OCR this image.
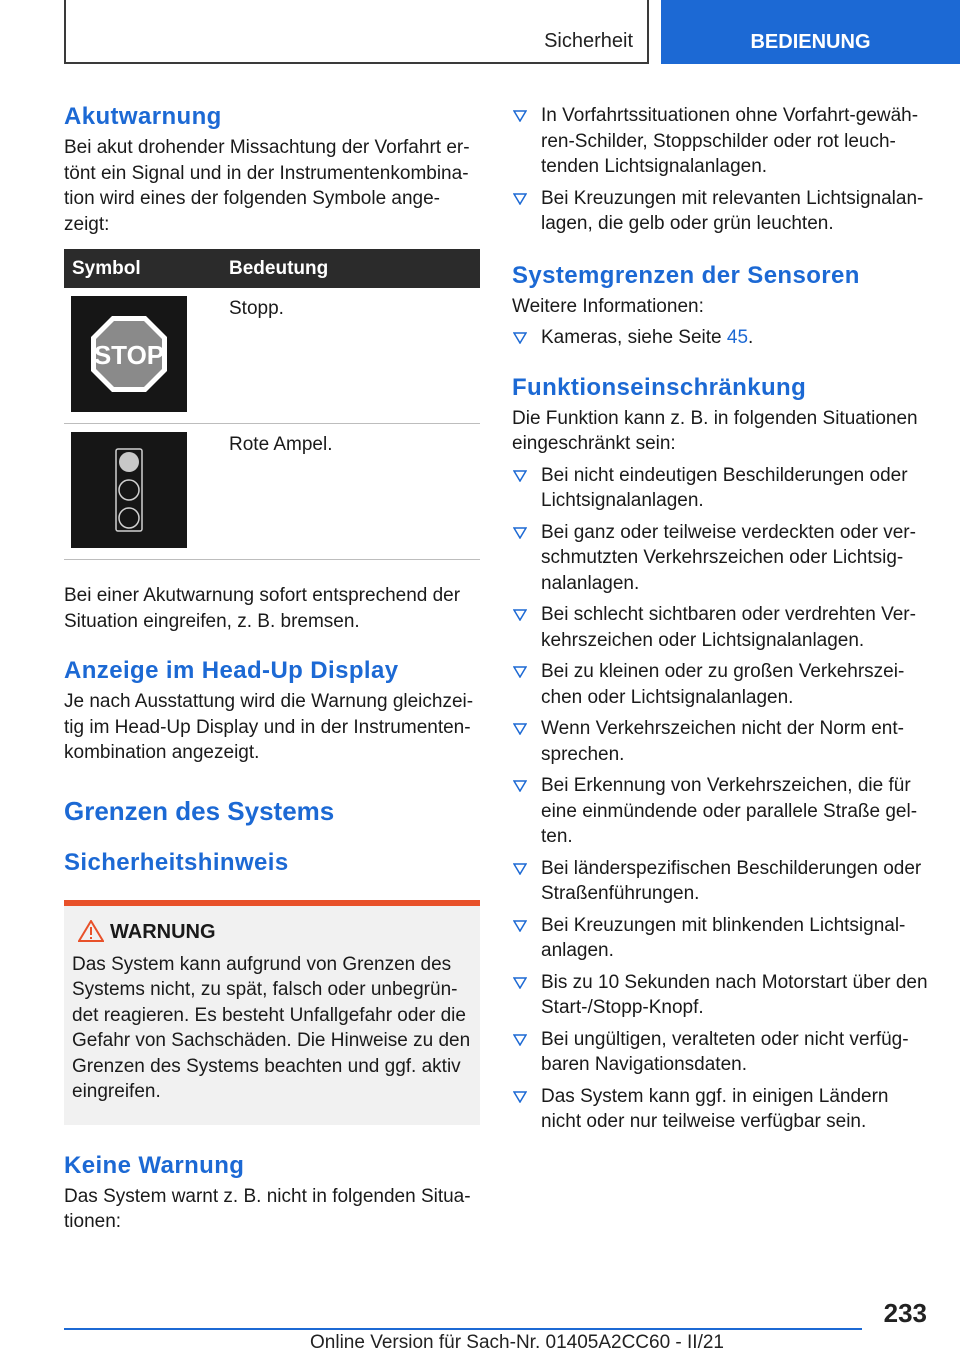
Sicherheit	BEDIENUNG
Akutwarnung

Bei akut drohender Missachtung der Vorfahrt er-tönt ein Signal und in der Instrumentenkombina-tion wird eines der folgenden Symbole ange-zeigt:

Symbol	Bedeutung

STOP	Stopp.

	Rote Ampel.

Bei einer Akutwarnung sofort entsprechend der Situation eingreifen, z. B. bremsen.

Anzeige im Head-Up Display

Je nach Ausstattung wird die Warnung gleichzei-tig im Head-Up Display und in der Instrumenten-kombination angezeigt.

Grenzen des Systems
Sicherheitshinweis
WARNUNG

Das System kann aufgrund von Grenzen des Systems nicht, zu spät, falsch oder unbegrün-det reagieren. Es besteht Unfallgefahr oder die Gefahr von Sachschäden. Die Hinweise zu den Grenzen des Systems beachten und ggf. aktiv eingreifen.

Keine Warnung

Das System warnt z. B. nicht in folgenden Situa-tionen:

In Vorfahrtssituationen ohne Vorfahrt-gewäh-ren-Schilder, Stoppschilder oder rot leuch-tenden Lichtsignalanlagen.
Bei Kreuzungen mit relevanten Lichtsignalan-lagen, die gelb oder grün leuchten.
Systemgrenzen der Sensoren

Weitere Informationen:

Kameras, siehe Seite 45.
Funktionseinschränkung

Die Funktion kann z. B. in folgenden Situationen eingeschränkt sein:

Bei nicht eindeutigen Beschilderungen oder Lichtsignalanlagen.
Bei ganz oder teilweise verdeckten oder ver-schmutzten Verkehrszeichen oder Lichtsig-nalanlagen.
Bei schlecht sichtbaren oder verdrehten Ver-kehrszeichen oder Lichtsignalanlagen.
Bei zu kleinen oder zu großen Verkehrszei-chen oder Lichtsignalanlagen.
Wenn Verkehrszeichen nicht der Norm ent-sprechen.
Bei Erkennung von Verkehrszeichen, die für eine einmündende oder parallele Straße gel-ten.
Bei länderspezifischen Beschilderungen oder Straßenführungen.
Bei Kreuzungen mit blinkenden Lichtsignal-anlagen.
Bis zu 10 Sekunden nach Motorstart über den Start-/Stopp-Knopf.
Bei ungültigen, veralteten oder nicht verfüg-baren Navigationsdaten.
Das System kann ggf. in einigen Ländern nicht oder nur teilweise verfügbar sein.
233
Online Version für Sach-Nr. 01405A2CC60 - II/21
